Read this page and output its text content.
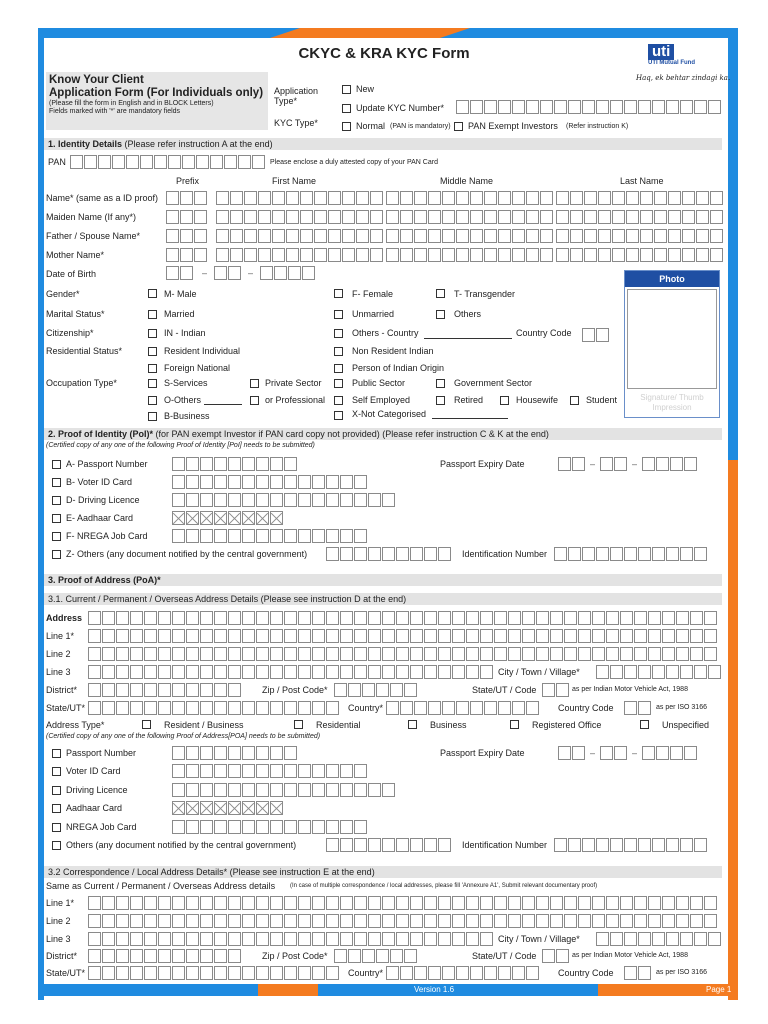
CKYC & KRA KYC Form	uti
UTI Mutual Fund
Haq, ek behtar zindagi ka.
Know Your Client
Application Form (For Individuals only)
(Please fill the form in English and in BLOCK Letters)
Fields marked with '*' are mandatory fields
Application Type*
New
Update KYC Number*
KYC Type*	Normal (PAN is mandatory) PAN Exempt Investors (Refer instruction K)
1. Identity Details (Please refer instruction A at the end)
PAN	Please enclose a duly attested copy of your PAN Card
Prefix	First Name	Middle Name	Last Name
Name* (same as a ID proof)
Maiden Name (If any*)
Father / Spouse Name*
Mother Name*
Date of Birth	–	–
Photo
Signature/ Thumb Impression
Gender*	M- Male	F- Female	T- Transgender
Marital Status*	Married	Unmarried	Others
Citizenship*	IN - Indian	Others - Country	Country Code
Residential Status*	Resident Individual	Non Resident Indian
Foreign National	Person of Indian Origin
Occupation Type*	S-Services	Private Sector	Public Sector	Government Sector
O-Others	or Professional	Self Employed	Retired	Housewife	Student
B-Business	X-Not Categorised
2. Proof of Identity (PoI)* (for PAN exempt Investor if PAN card copy not provided) (Please refer instruction C & K at the end)
(Certified copy of any one of the following Proof of Identity [PoI] needs to be submitted)
A- Passport Number	Passport Expiry Date	–	–
B- Voter ID Card
D- Driving Licence
E- Aadhaar Card
F- NREGA Job Card
Z- Others (any document notified by the central government)	Identification Number
3. Proof of Address (PoA)*
3.1. Current / Permanent / Overseas Address Details (Please see instruction D at the end)
Address
Line 1*
Line 2
Line 3	City / Town / Village*
District*	Zip / Post Code*	State/UT / Code	as per Indian Motor Vehicle Act, 1988
State/UT*	Country*	Country Code	as per ISO 3166
Address Type*	Resident / Business	Residential	Business	Registered Office	Unspecified
(Certified copy of any one of the following Proof of Address[POA] needs to be submitted)
Passport Number	Passport Expiry Date	–	–
Voter ID Card
Driving Licence
Aadhaar Card
NREGA Job Card
Others (any document notified by the central government)	Identification Number
3.2 Correspondence / Local Address Details* (Please see instruction E at the end)
Same as Current / Permanent / Overseas Address details (In case of multiple correspondence / local addresses, please fill 'Annexure A1', Submit relevant documentary proof)
Line 1*
Line 2
Line 3	City / Town / Village*
District*	Zip / Post Code*	State/UT / Code	as per Indian Motor Vehicle Act, 1988
State/UT*	Country*	Country Code	as per ISO 3166
Version 1.6	Page 1
